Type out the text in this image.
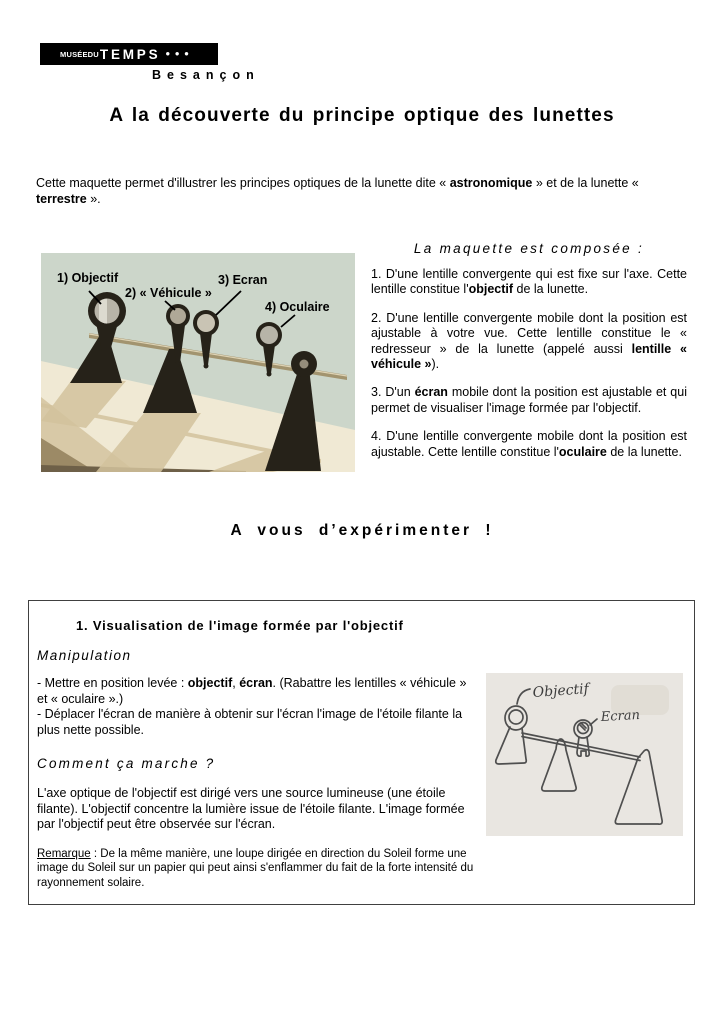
MUSÉEDU TEMPS ●●●
Besançon
A la découverte du principe optique des lunettes

Cette maquette permet d'illustrer les principes optiques de la lunette dite « astronomique » et de la lunette « terrestre ».

1) Objectif
2) « Véhicule »
3) Ecran
4) Oculaire
La maquette est composée :

1. D'une lentille convergente qui est fixe sur l'axe. Cette lentille constitue l'objectif de la lunette.

2. D'une lentille convergente mobile dont la position est ajustable à votre vue. Cette lentille constitue le « redresseur » de la lunette (appelé aussi lentille « véhicule »).

3. D'un écran mobile dont la position est ajustable et qui permet de visualiser l'image formée par l'objectif.

4. D'une lentille convergente mobile dont la position est ajustable. Cette lentille constitue l'oculaire de la lunette.

A vous d’expérimenter !

1. Visualisation de l'image formée par l'objectif
Manipulation
- Mettre en position levée : objectif, écran. (Rabattre les lentilles « véhicule » et « oculaire ».)
- Déplacer l'écran de manière à obtenir sur l'écran l'image de l'étoile filante la plus nette possible.
Comment ça marche ?
L'axe optique de l'objectif est dirigé vers une source lumineuse (une étoile filante). L'objectif concentre la lumière issue de l'étoile filante. L'image formée par l'objectif peut être observée sur l'écran.
Remarque : De la même manière, une loupe dirigée en direction du Soleil forme une image du Soleil sur un papier qui peut ainsi s'enflammer du fait de la forte intensité du rayonnement solaire.
Objectif
Ecran
